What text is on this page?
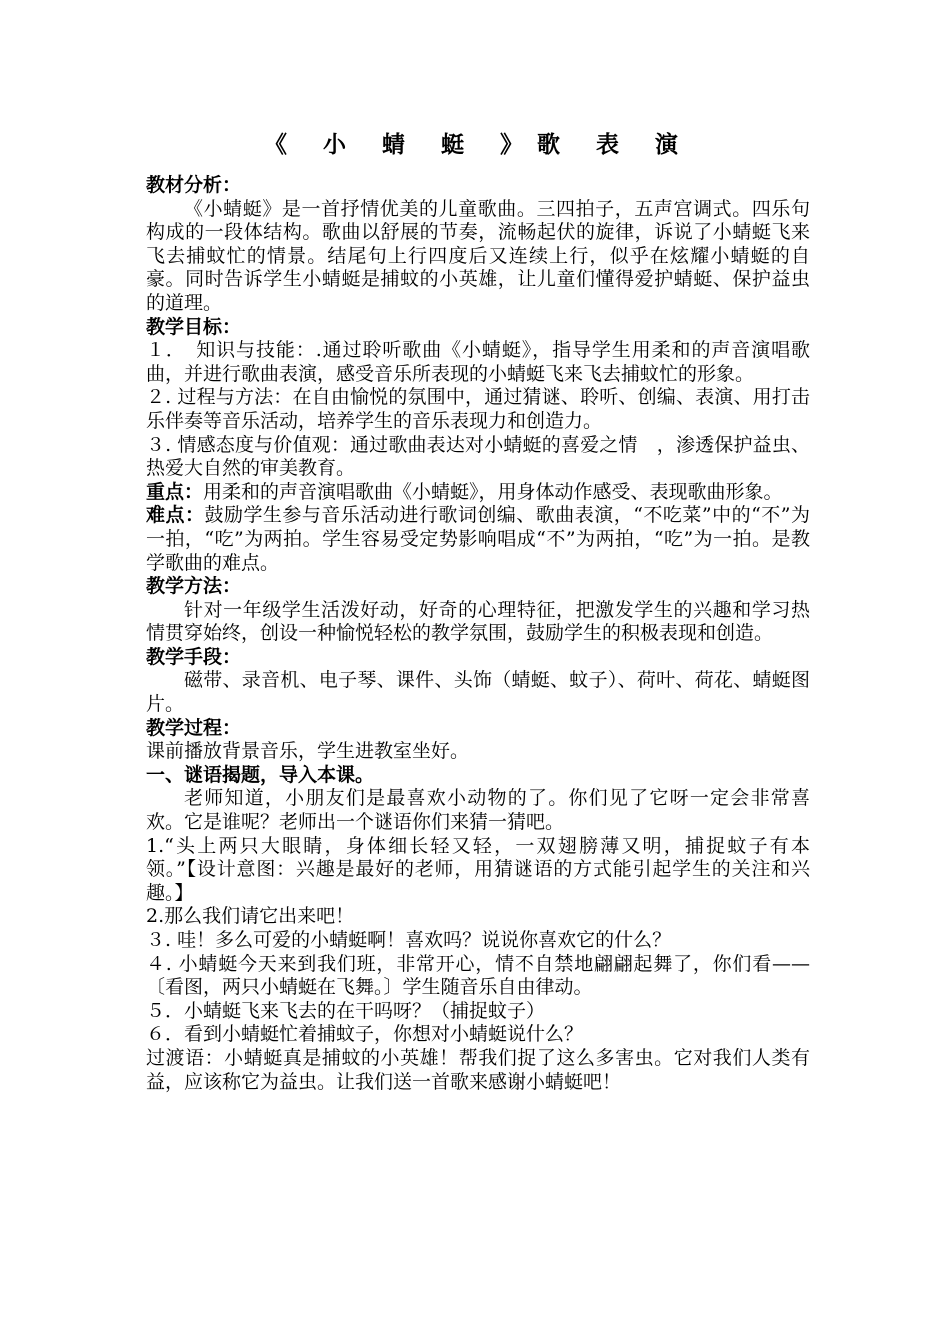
《 小 蜻 蜓 》歌 表 演
教材分析：
《小蜻蜓》是一首抒情优美的儿童歌曲。三四拍子，五声宫调式。四乐句构成的一段体结构。歌曲以舒展的节奏，流畅起伏的旋律，诉说了小蜻蜓飞来飞去捕蚊忙的情景。结尾句上行四度后又连续上行，似乎在炫耀小蜻蜓的自豪。同时告诉学生小蜻蜓是捕蚊的小英雄，让儿童们懂得爱护蜻蜓、保护益虫的道理。
教学目标：
１．　知识与技能：.通过聆听歌曲《小蜻蜓》，指导学生用柔和的声音演唱歌曲，并进行歌曲表演，感受音乐所表现的小蜻蜓飞来飞去捕蚊忙的形象。
２. 过程与方法：在自由愉悦的氛围中，通过猜谜、聆听、创编、表演、用打击乐伴奏等音乐活动，培养学生的音乐表现力和创造力。
３. 情感态度与价值观：通过歌曲表达对小蜻蜓的喜爱之情　，渗透保护益虫、热爱大自然的审美教育。
重点：用柔和的声音演唱歌曲《小蜻蜓》，用身体动作感受、表现歌曲形象。
难点：鼓励学生参与音乐活动进行歌词创编、歌曲表演，“不吃菜”中的“不”为一拍，“吃”为两拍。学生容易受定势影响唱成“不”为两拍，“吃”为一拍。是教学歌曲的难点。
教学方法：
针对一年级学生活泼好动，好奇的心理特征，把激发学生的兴趣和学习热情贯穿始终，创设一种愉悦轻松的教学氛围，鼓励学生的积极表现和创造。
教学手段：
磁带、录音机、电子琴、课件、头饰（蜻蜓、蚊子）、荷叶、荷花、蜻蜓图片。
教学过程：
课前播放背景音乐，学生进教室坐好。
一、谜语揭题，导入本课。
老师知道，小朋友们是最喜欢小动物的了。你们见了它呀一定会非常喜欢。它是谁呢？老师出一个谜语你们来猜一猜吧。
1.“头上两只大眼睛，身体细长轻又轻，一双翅膀薄又明，捕捉蚊子有本领。”【设计意图：兴趣是最好的老师，用猜谜语的方式能引起学生的关注和兴趣。】
2.那么我们请它出来吧！
３. 哇！多么可爱的小蜻蜓啊！喜欢吗？说说你喜欢它的什么？
４. 小蜻蜓今天来到我们班，非常开心，情不自禁地翩翩起舞了，你们看——　〔看图，两只小蜻蜓在飞舞。〕学生随音乐自由律动。
５．小蜻蜓飞来飞去的在干吗呀？（捕捉蚊子）
６．看到小蜻蜓忙着捕蚊子，你想对小蜻蜓说什么？
过渡语：小蜻蜓真是捕蚊的小英雄！帮我们捉了这么多害虫。它对我们人类有益，应该称它为益虫。让我们送一首歌来感谢小蜻蜓吧！
